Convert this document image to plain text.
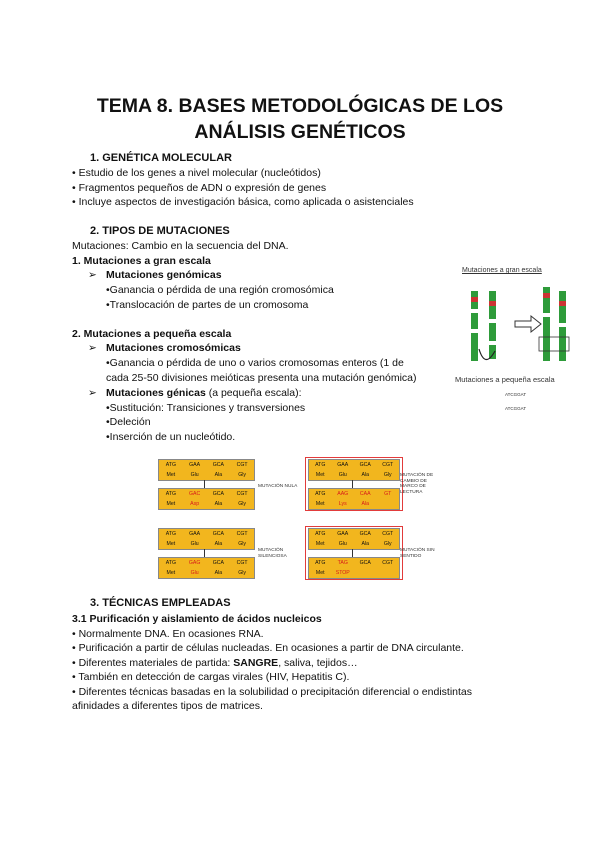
TEMA 8. BASES METODOLÓGICAS DE LOS
ANÁLISIS GENÉTICOS
1. GENÉTICA MOLECULAR
• Estudio de los genes a nivel molecular (nucleótidos)
• Fragmentos pequeños de ADN o expresión de genes
• Incluye aspectos de investigación básica, como aplicada o asistenciales
2. TIPOS DE MUTACIONES
Mutaciones: Cambio en la secuencia del DNA.
1. Mutaciones a gran escala
➢ Mutaciones genómicas
•Ganancia o pérdida de una región cromosómica
•Translocación de partes de un cromosoma
2. Mutaciones a pequeña escala
➢ Mutaciones cromosómicas
•Ganancia o pérdida de uno o varios cromosomas enteros (1 de
cada 25-50 divisiones meióticas presenta una mutación genómica)
➢ Mutaciones génicas (a pequeña escala):
•Sustitución: Transiciones y transversiones
•Deleción
•Inserción de un nucleótido.
Mutaciones a gran escala
Mutaciones a pequeña escala
ATCGGAT
ATCGGAT
ATG	GAA	GCA	CGT
Met	Glu	Ala	Gly
ATG	GAC	GCA	CGT
Met	Asp	Ala	Gly
MUTACIÓN NULA
ATG	GAA	GCA	CGT
Met	Glu	Ala	Gly
ATG	AAG	CAA	GT
Met	Lys	Ala
MUTACIÓN DE CAMBIO DE MARCO DE LECTURA
ATG	GAA	GCA	CGT
Met	Glu	Ala	Gly
ATG	GAG	GCA	CGT
Met	Glu	Ala	Gly
MUTACIÓN SILENCIOSA
ATG	GAA	GCA	CGT
Met	Glu	Ala	Gly
ATG	TAG	GCA	CGT
Met	STOP
MUTACIÓN SIN SENTIDO
3. TÉCNICAS EMPLEADAS
3.1 Purificación y aislamiento de ácidos nucleicos
• Normalmente DNA. En ocasiones RNA.
• Purificación a partir de células nucleadas. En ocasiones a partir de DNA circulante.
• Diferentes materiales de partida: SANGRE, saliva, tejidos…
• También en detección de cargas virales (HIV, Hepatitis C).
• Diferentes técnicas basadas en la solubilidad o precipitación diferencial o endistintas
afinidades a diferentes tipos de matrices.
